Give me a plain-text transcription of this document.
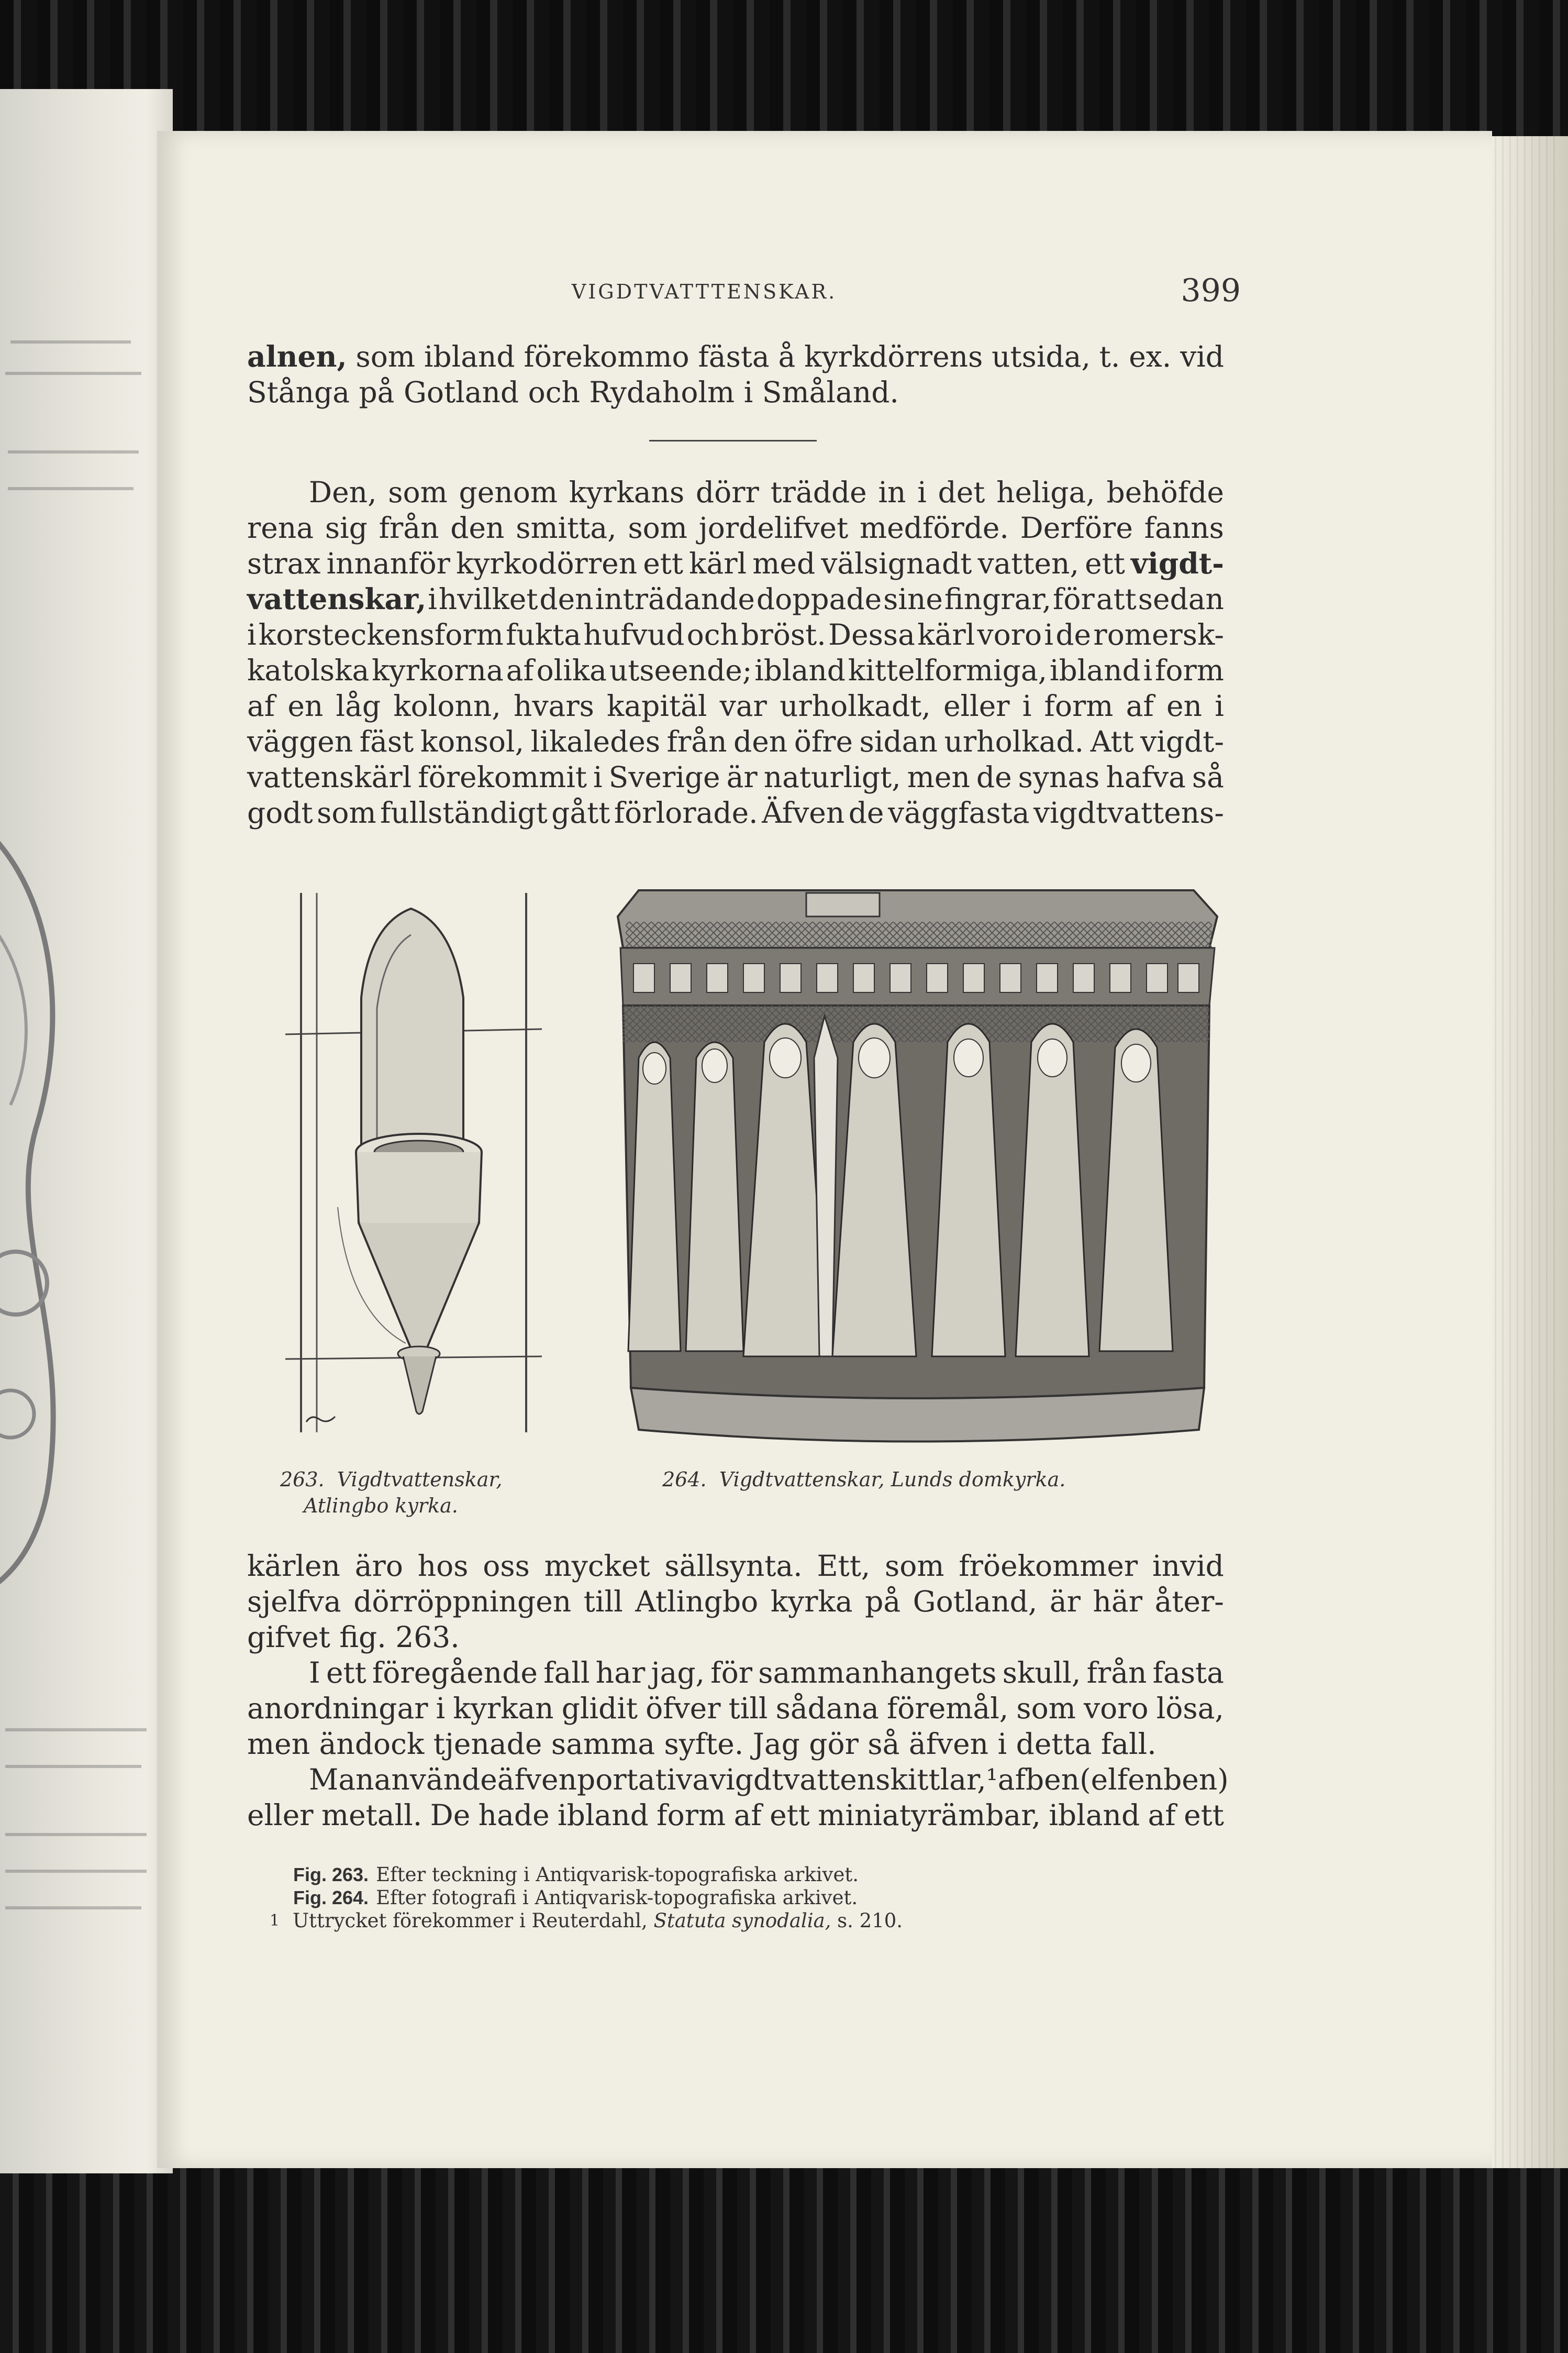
VIGDTVATTTENSKAR.	399
alnen, som ibland förekommo fästa å kyrkdörrens utsida, t. ex. vid
Stånga på Gotland och Rydaholm i Småland.
Den, som genom kyrkans dörr trädde in i det heliga, behöfde
rena sig från den smitta, som jordelifvet medförde. Derföre fanns
strax innanför kyrkodörren ett kärl med välsignadt vatten, ett vigdt-
vattenskar, i hvilket den inträdande doppade sine fingrar, för att sedan
i korsteckensform fukta hufvud och bröst. Dessa kärl voro i de romersk-
katolska kyrkorna af olika utseende; ibland kittelformiga, ibland i form
af en låg kolonn, hvars kapitäl var urholkadt, eller i form af en i
väggen fäst konsol, likaledes från den öfre sidan urholkad. Att vigdt-
vattenskärl förekommit i Sverige är naturligt, men de synas hafva så
godt som fullständigt gått förlorade. Äfven de väggfasta vigdtvattens-
263. Vigdtvattenskar,
Atlingbo kyrka.
264. Vigdtvattenskar, Lunds domkyrka.
kärlen äro hos oss mycket sällsynta. Ett, som fröekommer invid
sjelfva dörröppningen till Atlingbo kyrka på Gotland, är här åter-
gifvet fig. 263.
I ett föregående fall har jag, för sammanhangets skull, från fasta
anordningar i kyrkan glidit öfver till sådana föremål, som voro lösa,
men ändock tjenade samma syfte. Jag gör så äfven i detta fall.
Man använde äfven portativa vigdtvattenskittlar,¹ af ben (elfenben)
eller metall. De hade ibland form af ett miniatyrämbar, ibland af ett
Fig. 263. Efter teckning i Antiqvarisk-topografiska arkivet.
Fig. 264. Efter fotografi i Antiqvarisk-topografiska arkivet.
1 Uttrycket förekommer i Reuterdahl, Statuta synodalia, s. 210.
